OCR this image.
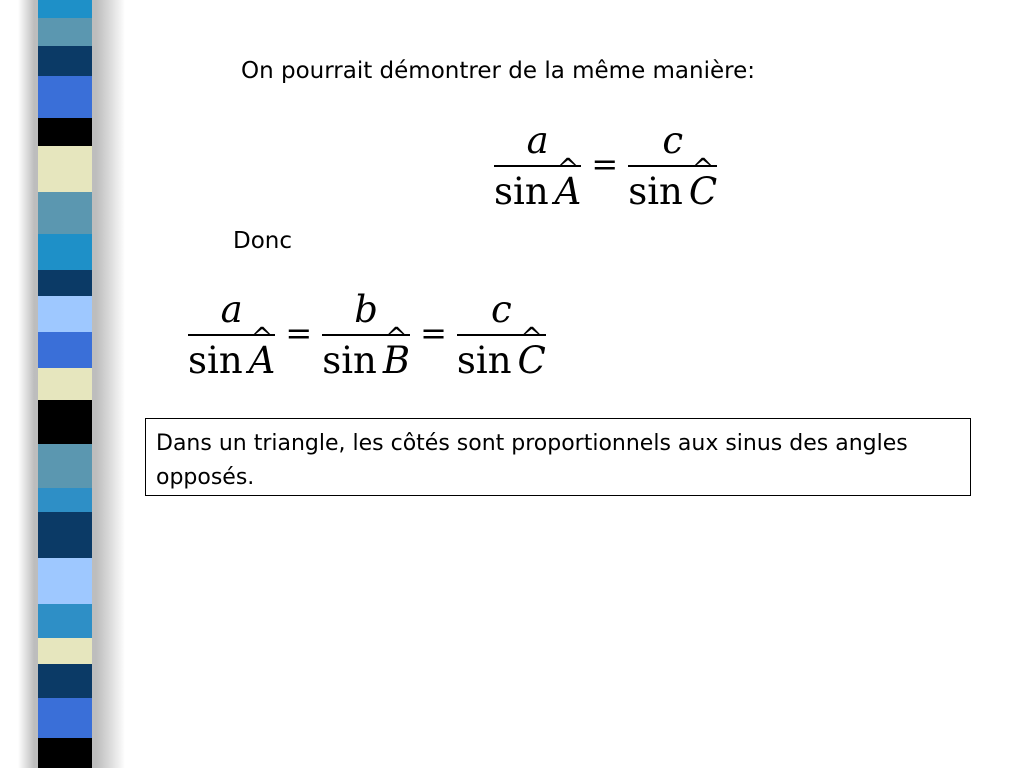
On pourrait démontrer de la même manière:
$\frac{a}{\sin \^{} A} = \frac{c}{\sin \^{} C}$
Donc
$\frac{a}{\sin \^{} A} = \frac{b}{\sin \^{} B} = \frac{c}{\sin \^{} C}$
Dans un triangle, les côtés sont proportionnels aux sinus des angles opposés.
